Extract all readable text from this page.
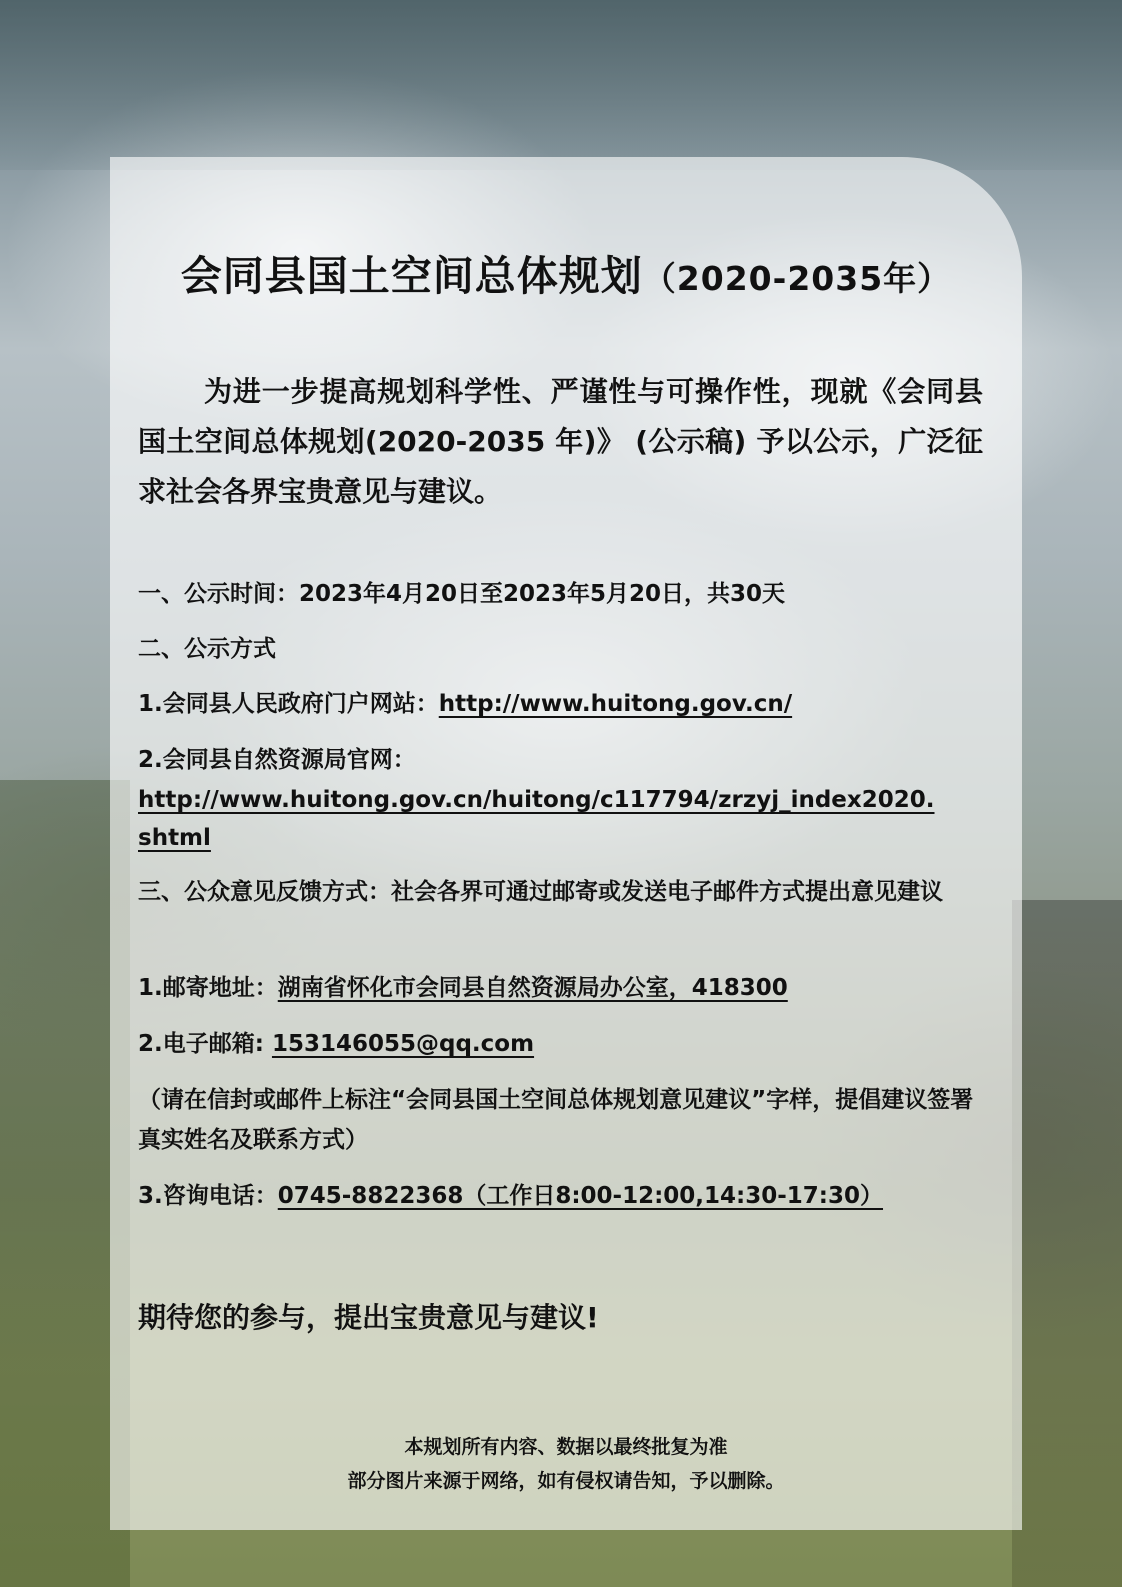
会同县国土空间总体规划（2020-2035年）

为进一步提高规划科学性、严谨性与可操作性，现就《会同县国土空间总体规划(2020-2035 年)》 (公示稿) 予以公示，广泛征求社会各界宝贵意见与建议。

一、公示时间：2023年4月20日至2023年5月20日，共30天

二、公示方式

1.会同县人民政府门户网站：http://www.huitong.gov.cn/

2.会同县自然资源局官网：

http://www.huitong.gov.cn/huitong/c117794/zrzyj_index2020.

shtml

三、公众意见反馈方式：社会各界可通过邮寄或发送电子邮件方式提出意见建议

1.邮寄地址：湖南省怀化市会同县自然资源局办公室，418300

2.电子邮箱: 153146055@qq.com

（请在信封或邮件上标注“会同县国土空间总体规划意见建议”字样，提倡建议签署真实姓名及联系方式）

3.咨询电话：0745-8822368（工作日8:00-12:00,14:30-17:30）

期待您的参与，提出宝贵意见与建议!

本规划所有内容、数据以最终批复为准

部分图片来源于网络，如有侵权请告知，予以删除。
